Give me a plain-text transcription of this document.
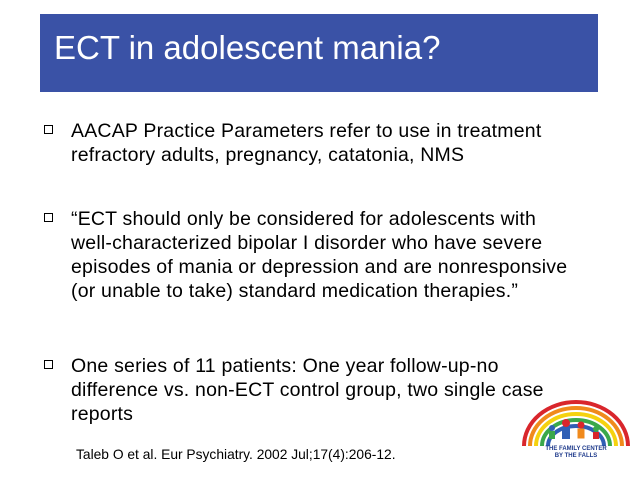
ECT in adolescent mania?
AACAP Practice Parameters refer to use in treatment refractory adults, pregnancy, catatonia, NMS
“ECT should only be considered for adolescents with well-characterized bipolar I disorder who have severe episodes of mania or depression and are nonresponsive (or unable to take) standard medication therapies.”
One series of 11 patients: One year follow-up-no difference vs. non-ECT control group, two single case reports
Taleb O et al. Eur Psychiatry. 2002 Jul;17(4):206-12.	THE FAMILY CENTER
BY THE FALLS
